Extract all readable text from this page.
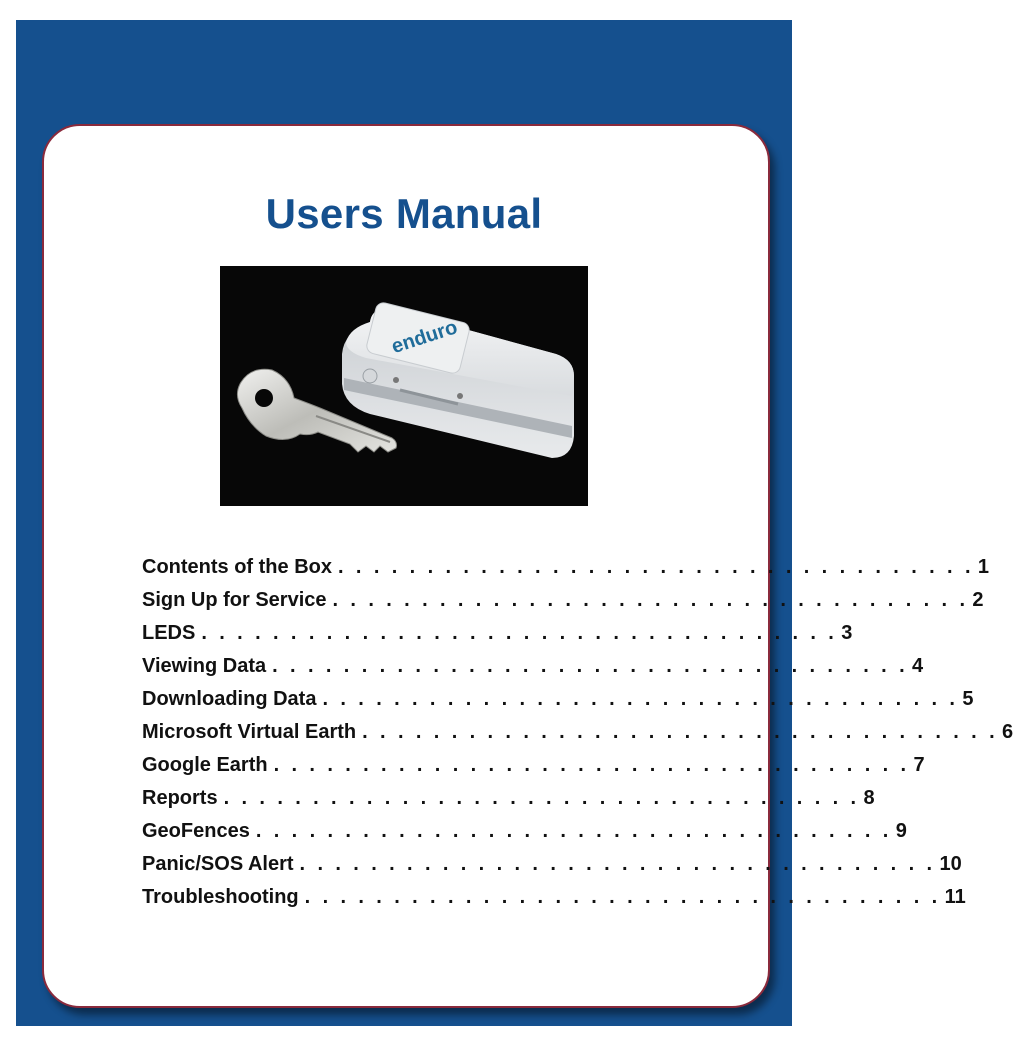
Users Manual
enduro
Contents of the Box . . . . . . . . . . . . . . . . . . . . . . . . . . . . . . . . . . . . 1
Sign Up for Service . . . . . . . . . . . . . . . . . . . . . . . . . . . . . . . . . . . . 2
LEDS . . . . . . . . . . . . . . . . . . . . . . . . . . . . . . . . . . . . 3
Viewing Data . . . . . . . . . . . . . . . . . . . . . . . . . . . . . . . . . . . . 4
Downloading Data . . . . . . . . . . . . . . . . . . . . . . . . . . . . . . . . . . . . 5
Microsoft Virtual Earth . . . . . . . . . . . . . . . . . . . . . . . . . . . . . . . . . . . . 6
Google Earth . . . . . . . . . . . . . . . . . . . . . . . . . . . . . . . . . . . . 7
Reports . . . . . . . . . . . . . . . . . . . . . . . . . . . . . . . . . . . . 8
GeoFences . . . . . . . . . . . . . . . . . . . . . . . . . . . . . . . . . . . . 9
Panic/SOS Alert . . . . . . . . . . . . . . . . . . . . . . . . . . . . . . . . . . . . 10
Troubleshooting . . . . . . . . . . . . . . . . . . . . . . . . . . . . . . . . . . . . 11
